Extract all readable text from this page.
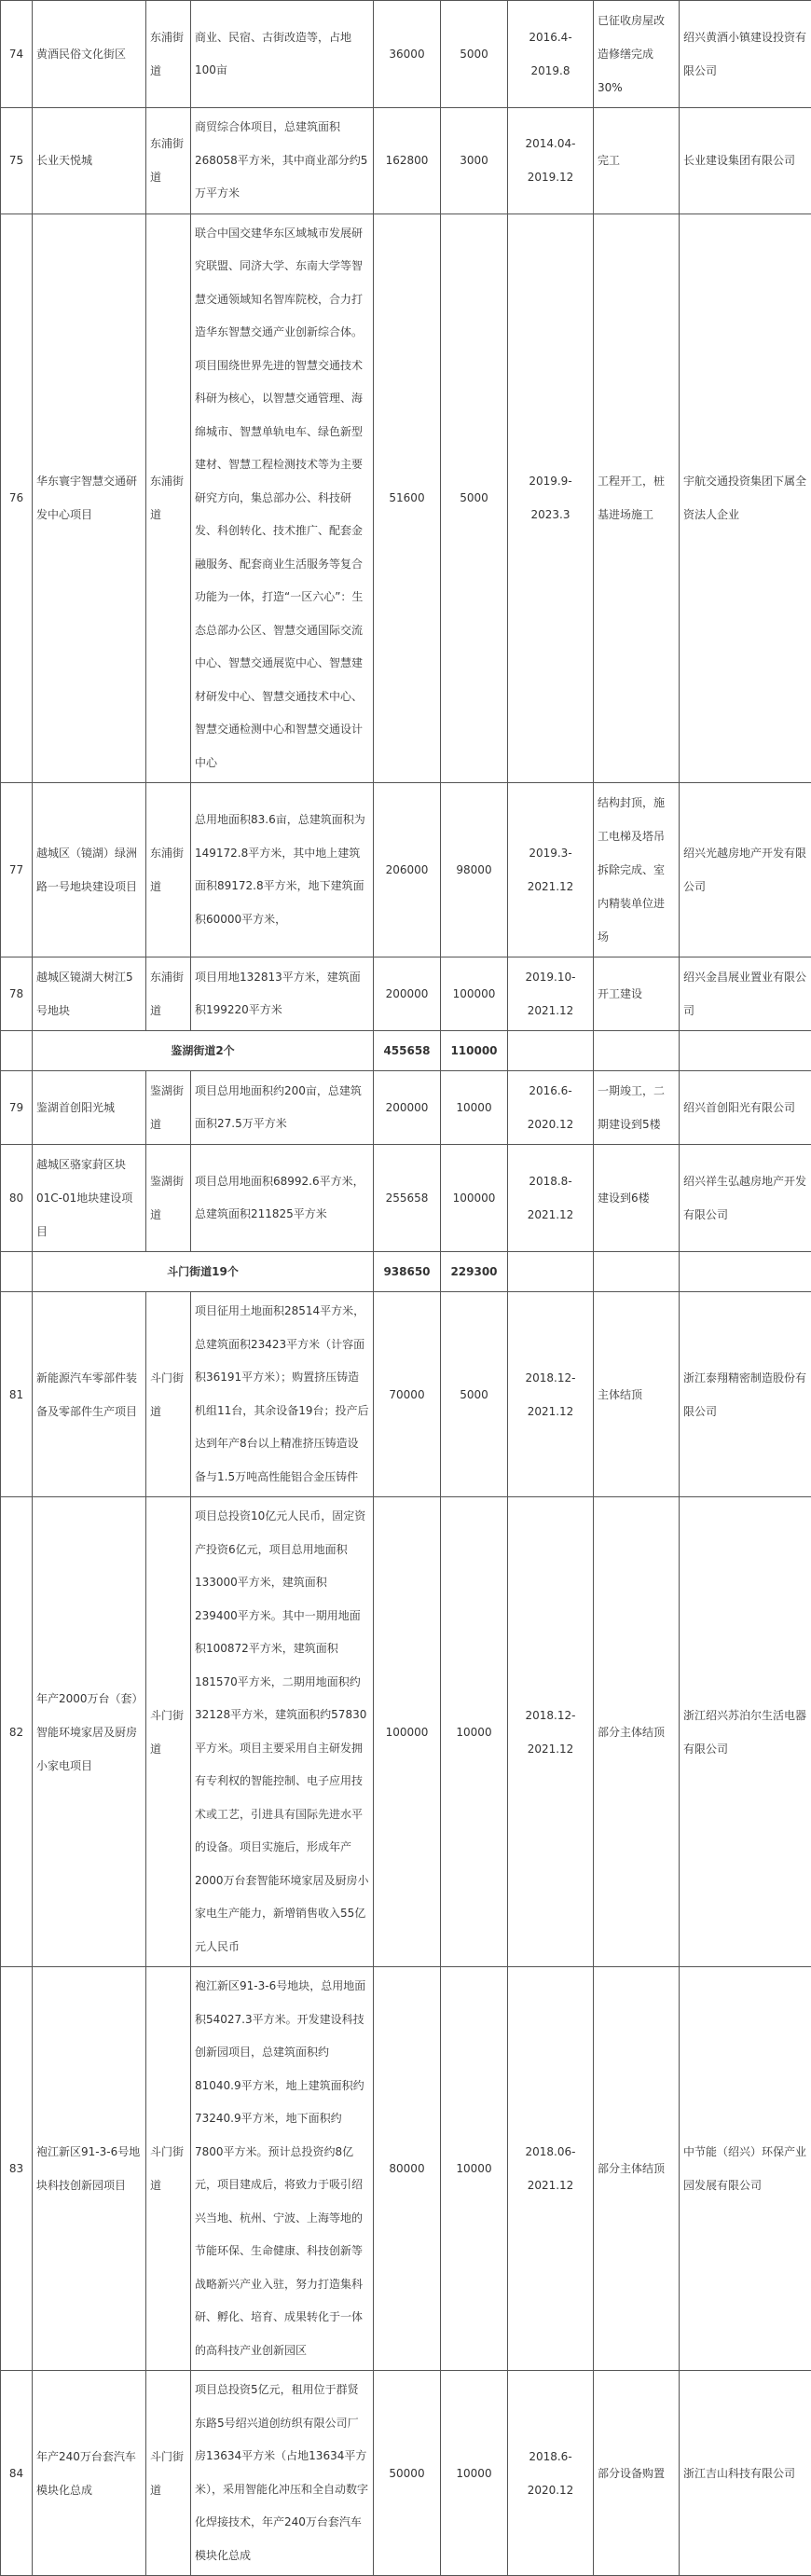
74	黄酒民俗文化街区	东浦街道	商业、民宿、古街改造等，占地100亩	36000	5000	2016.4-2019.8	已征收房屋改造修缮完成30%	绍兴黄酒小镇建设投资有限公司
75	长业天悦城	东浦街道	商贸综合体项目，总建筑面积268058平方米，其中商业部分约5万平方米	162800	3000	2014.04-2019.12	完工	长业建设集团有限公司
76	华东寰宇智慧交通研发中心项目	东浦街道	联合中国交建华东区域城市发展研究联盟、同济大学、东南大学等智慧交通领域知名智库院校，合力打造华东智慧交通产业创新综合体。项目围绕世界先进的智慧交通技术科研为核心，以智慧交通管理、海绵城市、智慧单轨电车、绿色新型建材、智慧工程检测技术等为主要研究方向，集总部办公、科技研发、科创转化、技术推广、配套金融服务、配套商业生活服务等复合功能为一体，打造“一区六心”：生态总部办公区、智慧交通国际交流中心、智慧交通展览中心、智慧建材研发中心、智慧交通技术中心、智慧交通检测中心和智慧交通设计中心	51600	5000	2019.9-2023.3	工程开工，桩基进场施工	宇航交通投资集团下属全资法人企业
77	越城区（镜湖）绿洲路一号地块建设项目	东浦街道	总用地面积83.6亩，总建筑面积为149172.8平方米，其中地上建筑面积89172.8平方米，地下建筑面积60000平方米，	206000	98000	2019.3-2021.12	结构封顶，施工电梯及塔吊拆除完成、室内精装单位进场	绍兴光越房地产开发有限公司
78	越城区镜湖大树江5号地块	东浦街道	项目用地132813平方米，建筑面积199220平方米	200000	100000	2019.10-2021.12	开工建设	绍兴金昌展业置业有限公司
	鉴湖街道2个			455658	110000			
79	鉴湖首创阳光城	鉴湖街道	项目总用地面积约200亩，总建筑面积27.5万平方米	200000	10000	2016.6-2020.12	一期竣工，二期建设到5楼	绍兴首创阳光有限公司
80	越城区骆家葑区块01C-01地块建设项目	鉴湖街道	项目总用地面积68992.6平方米，总建筑面积211825平方米	255658	100000	2018.8-2021.12	建设到6楼	绍兴祥生弘越房地产开发有限公司
	斗门街道19个			938650	229300			
81	新能源汽车零部件装备及零部件生产项目	斗门街道	项目征用土地面积28514平方米，总建筑面积23423平方米（计容面积36191平方米）；购置挤压铸造机组11台，其余设备19台；投产后达到年产8台以上精准挤压铸造设备与1.5万吨高性能铝合金压铸件	70000	5000	2018.12-2021.12	主体结顶	浙江泰翔精密制造股份有限公司
82	年产2000万台（套）智能环境家居及厨房小家电项目	斗门街道	项目总投资10亿元人民币，固定资产投资6亿元，项目总用地面积133000平方米，建筑面积239400平方米。其中一期用地面积100872平方米，建筑面积181570平方米，二期用地面积约32128平方米，建筑面积约57830平方米。项目主要采用自主研发拥有专利权的智能控制、电子应用技术或工艺，引进具有国际先进水平的设备。项目实施后，形成年产2000万台套智能环境家居及厨房小家电生产能力，新增销售收入55亿元人民币	100000	10000	2018.12-2021.12	部分主体结顶	浙江绍兴苏泊尔生活电器有限公司
83	袍江新区91-3-6号地块科技创新园项目	斗门街道	袍江新区91-3-6号地块，总用地面积54027.3平方米。开发建设科技创新园项目，总建筑面积约81040.9平方米，地上建筑面积约73240.9平方米，地下面积约7800平方米。预计总投资约8亿元，项目建成后，将致力于吸引绍兴当地、杭州、宁波、上海等地的节能环保、生命健康、科技创新等战略新兴产业入驻，努力打造集科研、孵化、培育、成果转化于一体的高科技产业创新园区	80000	10000	2018.06-2021.12	部分主体结顶	中节能（绍兴）环保产业园发展有限公司
84	年产240万台套汽车模块化总成	斗门街道	项目总投资5亿元，租用位于群贤东路5号绍兴道创纺织有限公司厂房13634平方米（占地13634平方米），采用智能化冲压和全自动数字化焊接技术，年产240万台套汽车模块化总成	50000	10000	2018.6-2020.12	部分设备购置	浙江吉山科技有限公司
